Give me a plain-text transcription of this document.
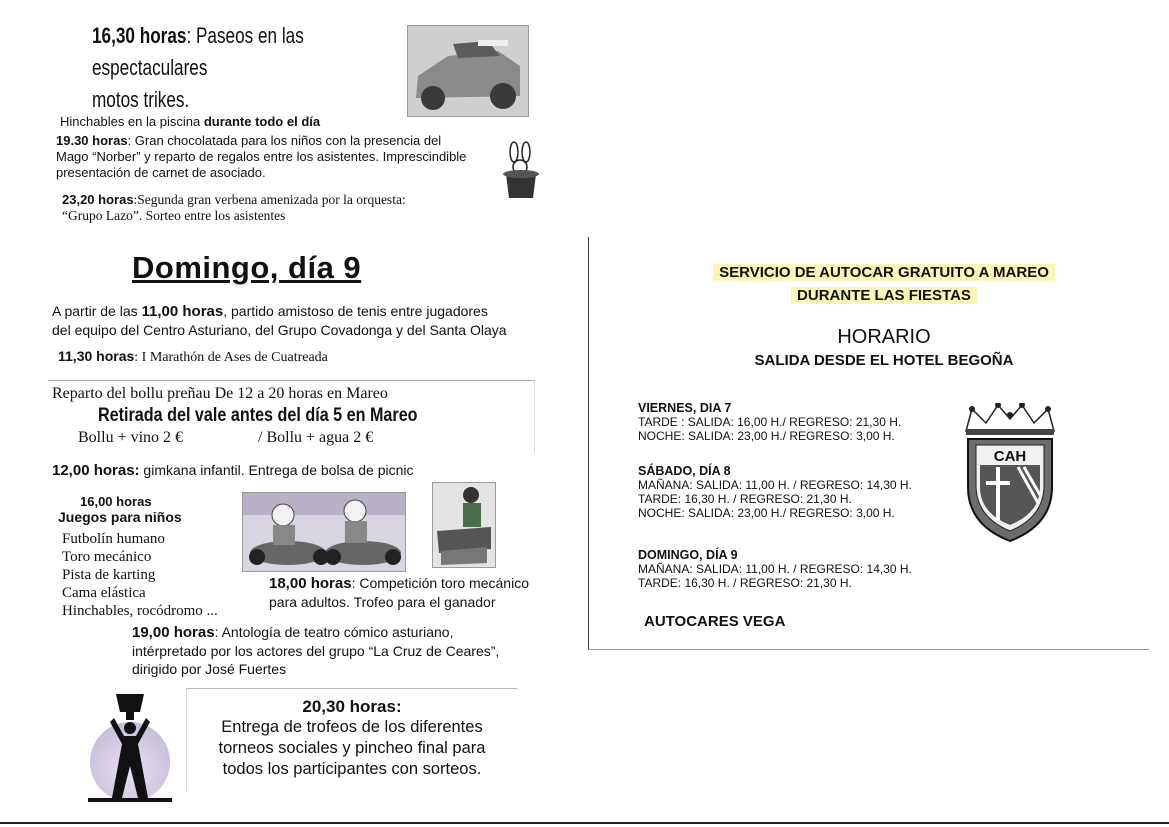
16,30 horas: Paseos en las espectaculares
motos trikes.
Hinchables en la piscina durante todo el día
19.30 horas: Gran chocolatada para los niños con la presencia del
Mago “Norber” y reparto de regalos entre los asistentes. Imprescindible
presentación de carnet de asociado.
23,20 horas:Segunda gran verbena amenizada por la orquesta:
“Grupo Lazo”. Sorteo entre los asistentes
Domingo, día 9
A partir de las 11,00 horas, partido amistoso de tenis entre jugadores
del equipo del Centro Asturiano, del Grupo Covadonga y del Santa Olaya
11,30 horas: I Marathón de Ases de Cuatreada
Reparto del bollu preñau De 12 a 20 horas en Mareo
Retirada del vale antes del día 5 en Mareo
Bollu + vino 2 €	/ Bollu + agua 2 €
12,00 horas: gimkana infantil. Entrega de bolsa de picnic
16,00 horas
Juegos para niños
Futbolín humano
Toro mecánico
Pista de karting
Cama elástica
Hinchables, rocódromo ...
18,00 horas: Competición toro mecánico
para adultos. Trofeo para el ganador
19,00 horas: Antología de teatro cómico asturiano,
intérpretado por los actores del grupo “La Cruz de Ceares”,
dirigido por José Fuertes
20,30 horas:
Entrega de trofeos de los diferentes
torneos sociales y pincheo final para
todos los participantes con sorteos.
SERVICIO DE AUTOCAR GRATUITO A MAREO
DURANTE LAS FIESTAS
HORARIO
SALIDA DESDE EL HOTEL BEGOÑA
VIERNES, DIA 7
TARDE : SALIDA: 16,00 H./ REGRESO: 21,30 H.
NOCHE: SALIDA: 23,00 H./ REGRESO: 3,00 H.
SÁBADO, DÍA 8
MAÑANA: SALIDA: 11,00 H. / REGRESO: 14,30 H.
TARDE: 16,30 H. / REGRESO: 21,30 H.
NOCHE: SALIDA: 23,00 H./ REGRESO: 3,00 H.
DOMINGO, DÍA 9
MAÑANA: SALIDA: 11,00 H. / REGRESO: 14,30 H.
TARDE: 16,30 H. / REGRESO: 21,30 H.
AUTOCARES VEGA
CAH
